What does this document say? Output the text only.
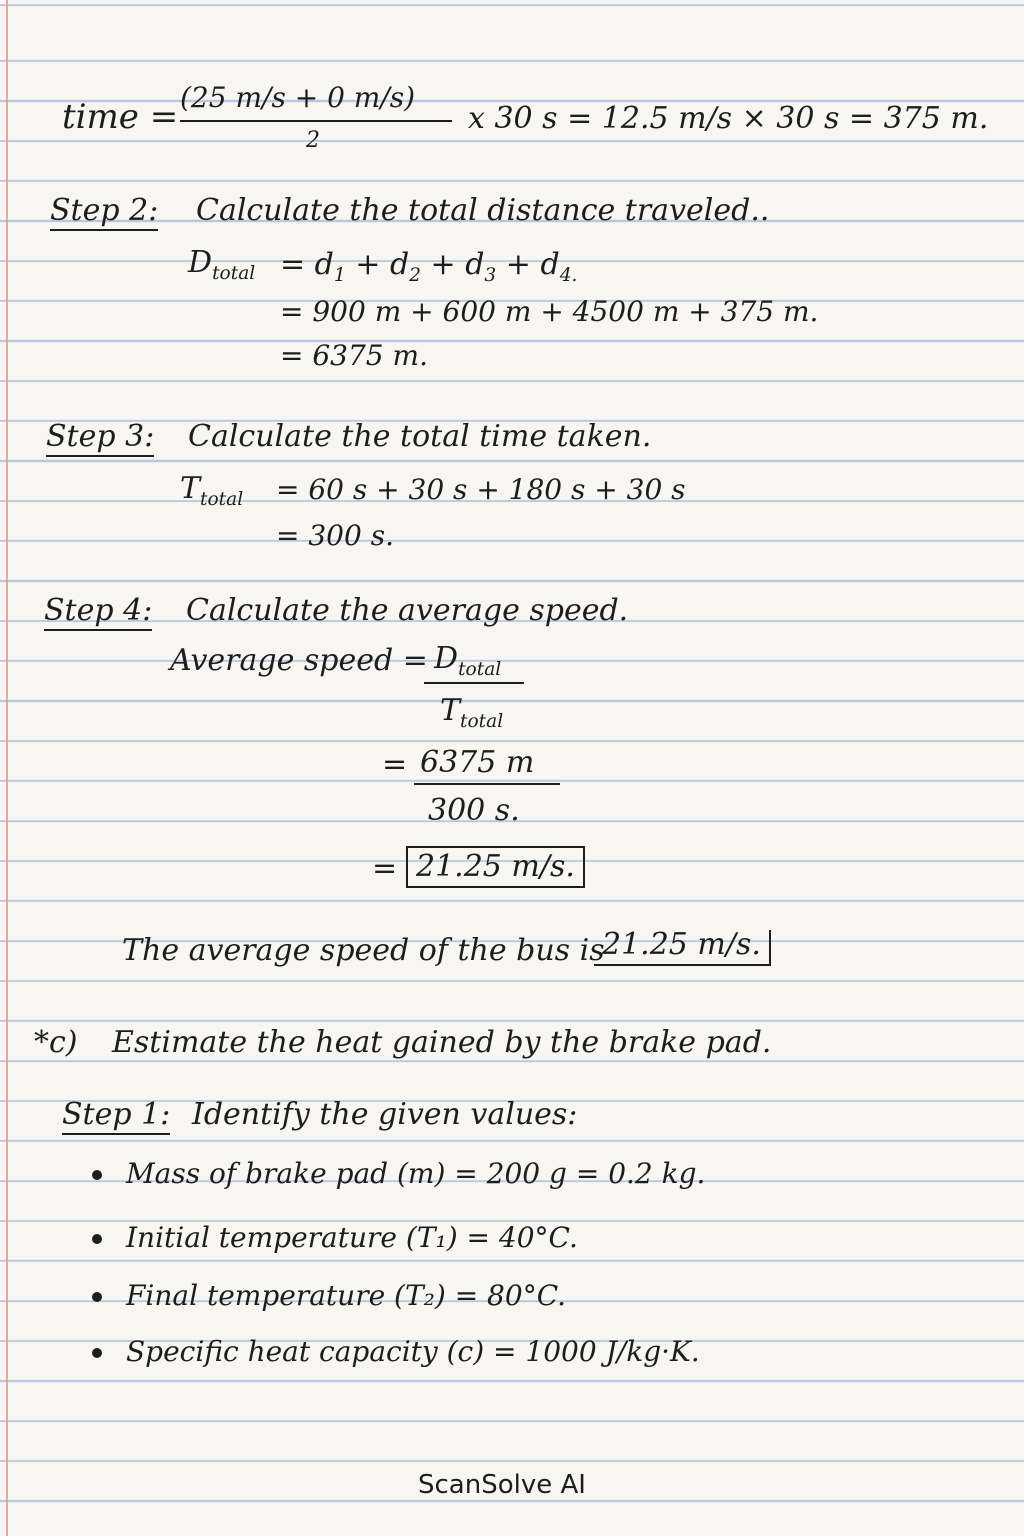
time = (25 m/s + 0 m/s)
2
x 30 s = 12.5 m/s × 30 s = 375 m.
Step 2: Calculate the total distance traveled..
$D_{total} = d_1 + d_2 + d_3 + d_{4.}$
= 900 m + 600 m + 4500 m + 375 m.
= 6375 m.
Step 3: Calculate the total time taken.
$T_{total} = 60$ s + 30 s + 180 s + 30 s
= 300 s.
Step 4: Calculate the average speed.
Average speed = $D_{total}$
$T_{total}$
= 6375 m
300 s.
= 21.25 m/s.
The average speed of the bus is
21.25 m/s.
*c) Estimate the heat gained by the brake pad.
Step 1: Identify the given values:
Mass of brake pad (m) = 200 g = 0.2 kg.
Initial temperature (T₁) = 40°C.
Final temperature (T₂) = 80°C.
Specific heat capacity (c) = 1000 J/kg·K.
ScanSolve AI
